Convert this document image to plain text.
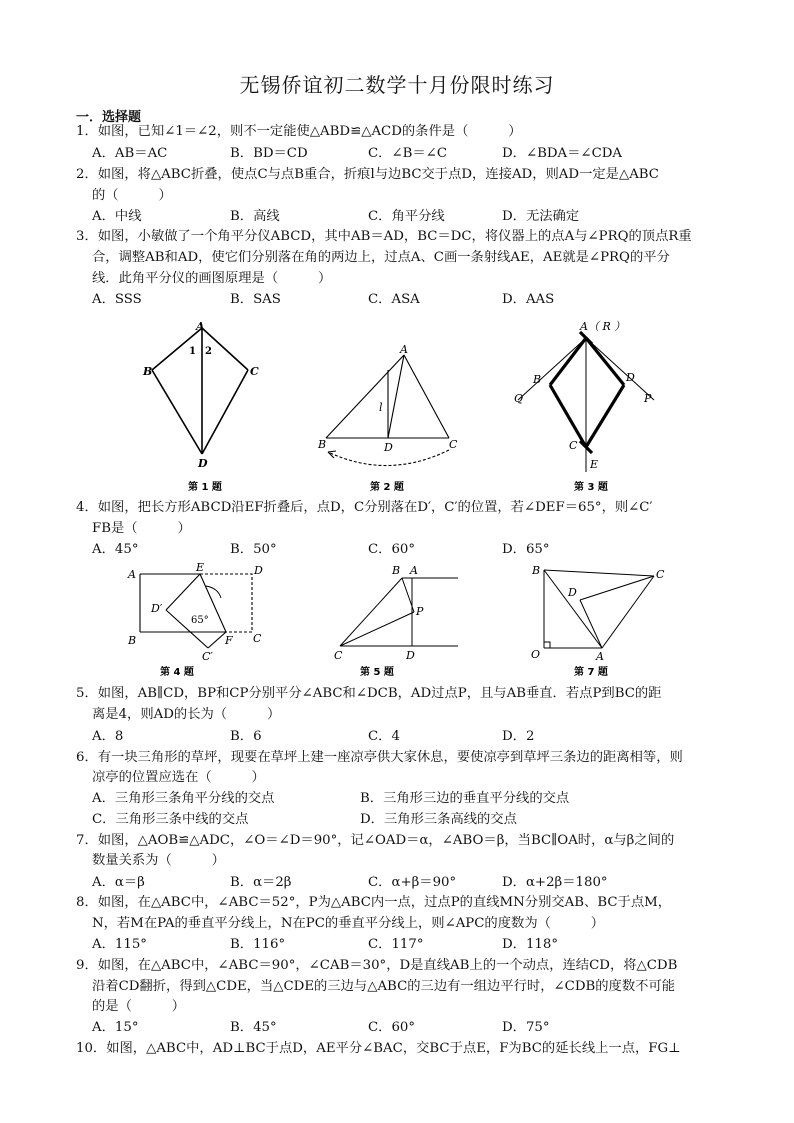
无锡侨谊初二数学十月份限时练习
一．选择题
1．如图，已知∠1＝∠2，则不一定能使△ABD≌△ACD的条件是（　　　）
A．AB＝AC	B．BD＝CD	C．∠B＝∠C	D．∠BDA＝∠CDA
2．如图，将△ABC折叠，使点C与点B重合，折痕l与边BC交于点D，连接AD，则AD一定是△ABC
的（　　　）
A．中线	B．高线	C．角平分线	D．无法确定
3．如图，小敏做了一个角平分仪ABCD，其中AB＝AD，BC＝DC，将仪器上的点A与∠PRQ的顶点R重
合，调整AB和AD，使它们分别落在角的两边上，过点A、C画一条射线AE，AE就是∠PRQ的平分
线．此角平分仪的画图原理是（　　　）
A．SSS	B．SAS	C．ASA	D．AAS
A
B	C
D
1 2
第 1 题
A
B	C
D
l
第 2 题
A（ R ）
B	D
Q	P
C
E
第 3 题
4．如图，把长方形ABCD沿EF折叠后，点D，C分别落在D′，C′的位置，若∠DEF＝65°，则∠C′
FB是（　　　）
A．45°	B．50°	C．60°	D．65°
A
E	D
D′
65°
B	F C
C′
第 4 题
B A
P
C	D
第 5 题
B	C
D
O	A
第 7 题
5．如图，AB∥CD，BP和CP分别平分∠ABC和∠DCB，AD过点P，且与AB垂直．若点P到BC的距
离是4，则AD的长为（　　　）
A．8	B．6	C．4	D．2
6．有一块三角形的草坪，现要在草坪上建一座凉亭供大家休息，要使凉亭到草坪三条边的距离相等，则
凉亭的位置应选在（　　　）
A．三角形三条角平分线的交点	B．三角形三边的垂直平分线的交点
C．三角形三条中线的交点	D．三角形三条高线的交点
7．如图，△AOB≌△ADC，∠O＝∠D＝90°，记∠OAD＝α，∠ABO＝β，当BC∥OA时，α与β之间的
数量关系为（　　　）
A．α＝β	B．α＝2β	C．α+β＝90°	D．α+2β＝180°
8．如图，在△ABC中，∠ABC＝52°，P为△ABC内一点，过点P的直线MN分别交AB、BC于点M，
N，若M在PA的垂直平分线上，N在PC的垂直平分线上，则∠APC的度数为（　　　）
A．115°	B．116°	C．117°	D．118°
9．如图，在△ABC中，∠ABC＝90°，∠CAB＝30°，D是直线AB上的一个动点，连结CD，将△CDB
沿着CD翻折，得到△CDE，当△CDE的三边与△ABC的三边有一组边平行时，∠CDB的度数不可能
的是（　　　）
A．15°	B．45°	C．60°	D．75°
10．如图，△ABC中，AD⊥BC于点D，AE平分∠BAC，交BC于点E，F为BC的延长线上一点，FG⊥
